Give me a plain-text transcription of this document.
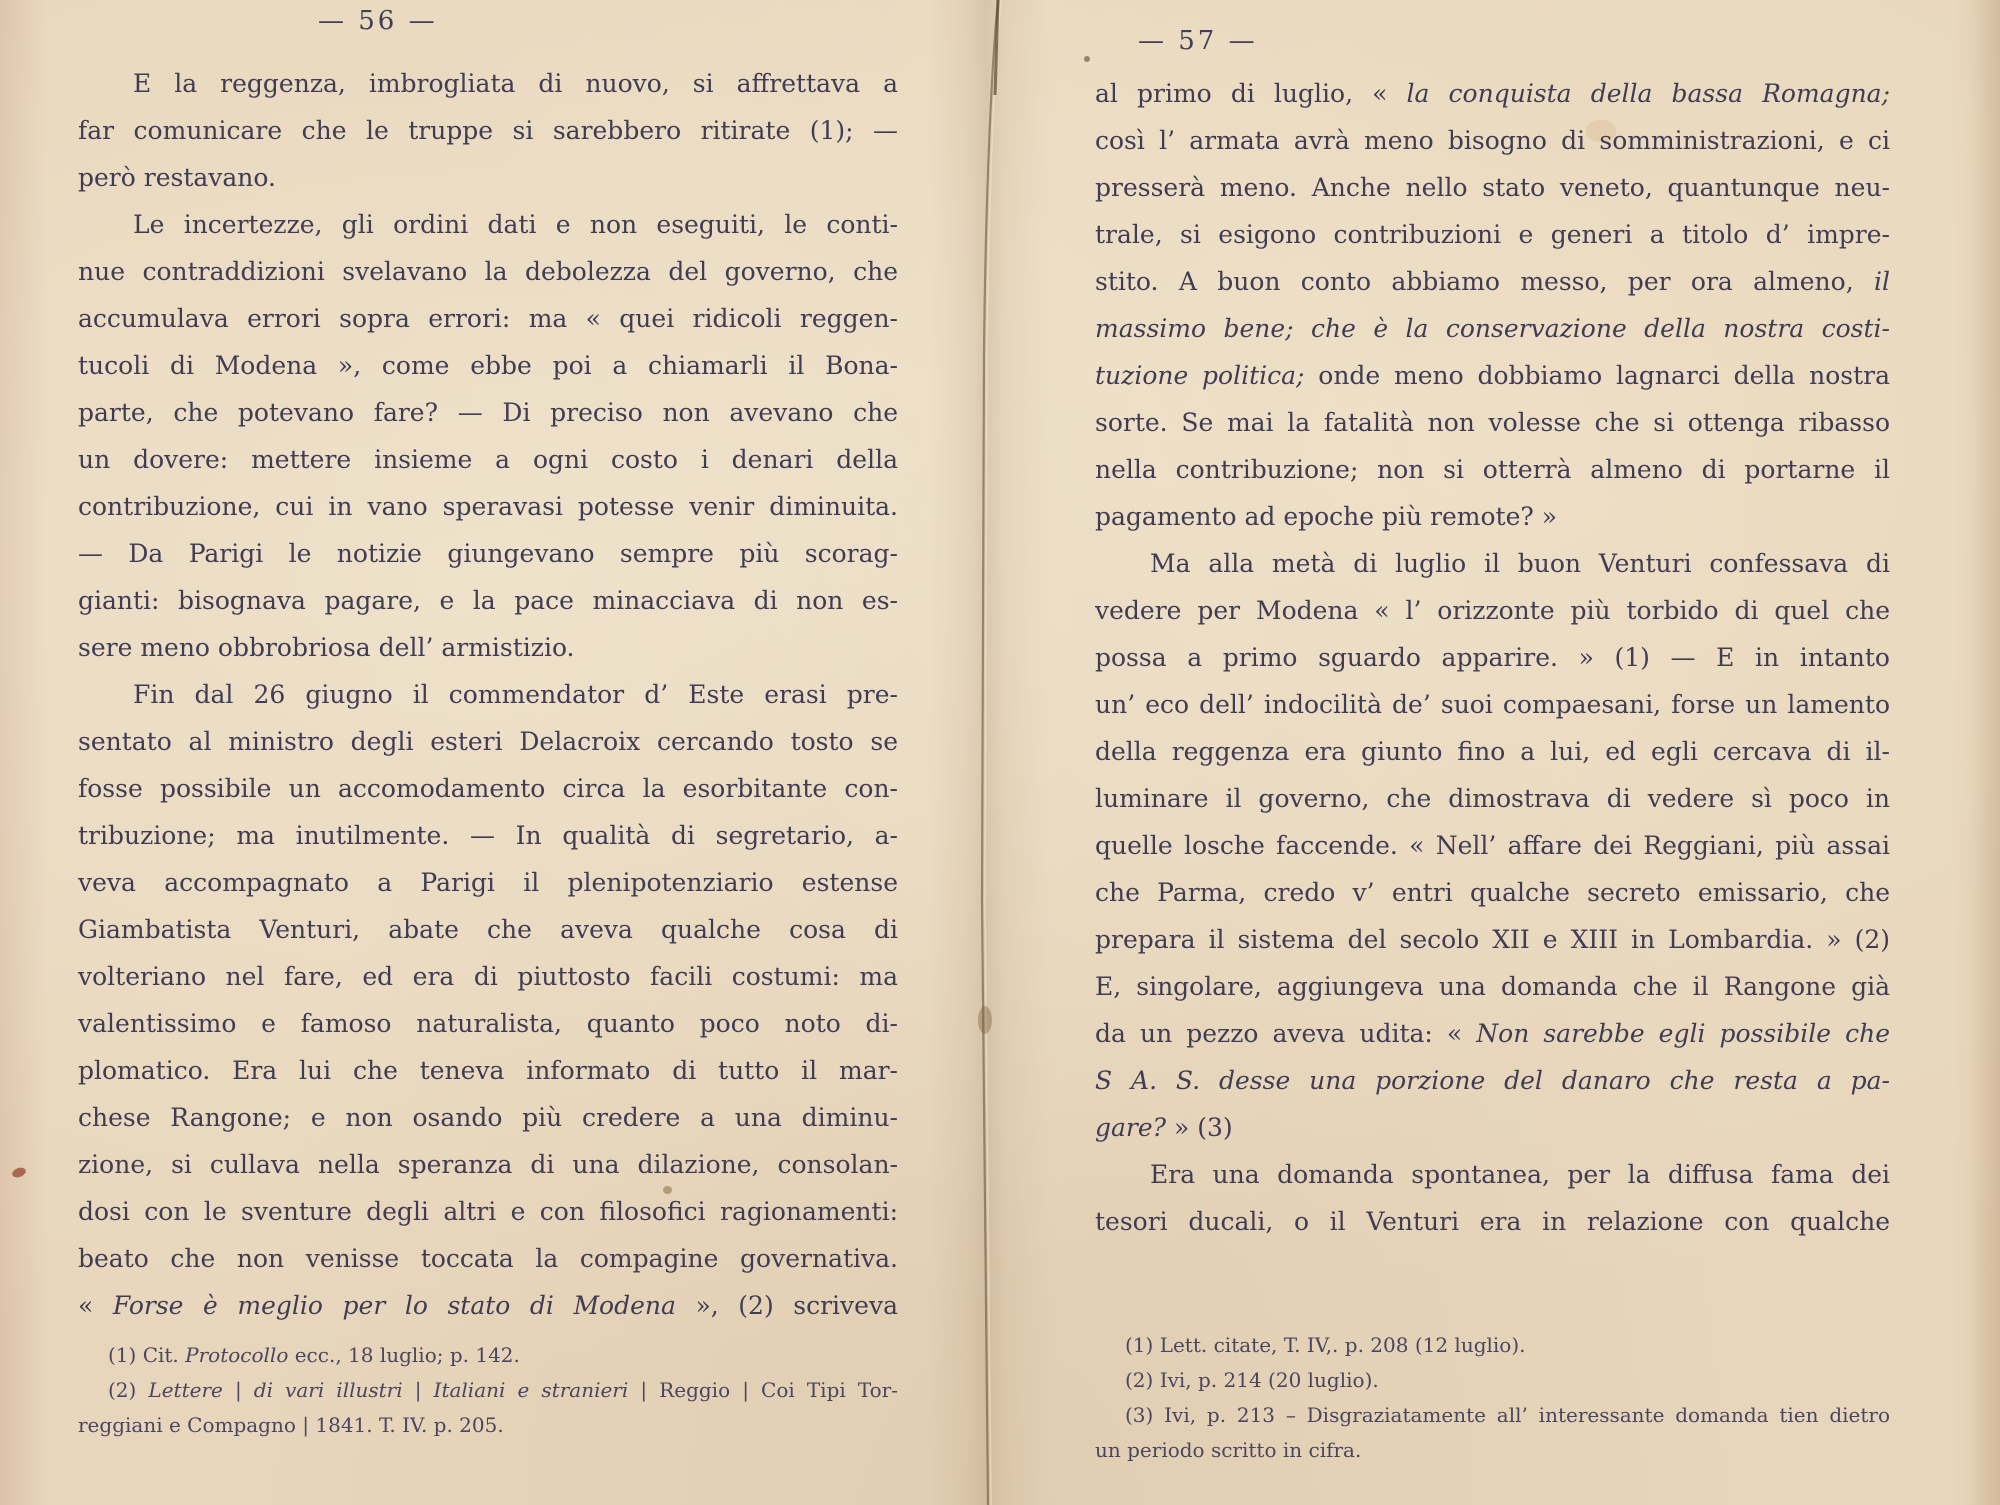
— 56 —
— 57 —
E la reggenza, imbrogliata di nuovo, si affrettava a
far comunicare che le truppe si sarebbero ritirate (1); —
però restavano.
Le incertezze, gli ordini dati e non eseguiti, le conti-
nue contraddizioni svelavano la debolezza del governo, che
accumulava errori sopra errori: ma « quei ridicoli reggen-
tucoli di Modena », come ebbe poi a chiamarli il Bona-
parte, che potevano fare? — Di preciso non avevano che
un dovere: mettere insieme a ogni costo i denari della
contribuzione, cui in vano speravasi potesse venir diminuita.
— Da Parigi le notizie giungevano sempre più scorag-
gianti: bisognava pagare, e la pace minacciava di non es-
sere meno obbrobriosa dell’ armistizio.
Fin dal 26 giugno il commendator d’ Este erasi pre-
sentato al ministro degli esteri Delacroix cercando tosto se
fosse possibile un accomodamento circa la esorbitante con-
tribuzione; ma inutilmente. — In qualità di segretario, a-
veva accompagnato a Parigi il plenipotenziario estense
Giambatista Venturi, abate che aveva qualche cosa di
volteriano nel fare, ed era di piuttosto facili costumi: ma
valentissimo e famoso naturalista, quanto poco noto di-
plomatico. Era lui che teneva informato di tutto il mar-
chese Rangone; e non osando più credere a una diminu-
zione, si cullava nella speranza di una dilazione, consolan-
dosi con le sventure degli altri e con filosofici ragionamenti:
beato che non venisse toccata la compagine governativa.
« Forse è meglio per lo stato di Modena », (2) scriveva
(1) Cit. Protocollo ecc., 18 luglio; p. 142.
(2) Lettere | di vari illustri | Italiani e stranieri | Reggio | Coi Tipi Tor-
reggiani e Compagno | 1841. T. IV. p. 205.
al primo di luglio, « la conquista della bassa Romagna;
così l’ armata avrà meno bisogno di somministrazioni, e ci
presserà meno. Anche nello stato veneto, quantunque neu-
trale, si esigono contribuzioni e generi a titolo d’ impre-
stito. A buon conto abbiamo messo, per ora almeno, il
massimo bene; che è la conservazione della nostra costi-
tuzione politica; onde meno dobbiamo lagnarci della nostra
sorte. Se mai la fatalità non volesse che si ottenga ribasso
nella contribuzione; non si otterrà almeno di portarne il
pagamento ad epoche più remote? »
Ma alla metà di luglio il buon Venturi confessava di
vedere per Modena « l’ orizzonte più torbido di quel che
possa a primo sguardo apparire. » (1) — E in intanto
un’ eco dell’ indocilità de’ suoi compaesani, forse un lamento
della reggenza era giunto fino a lui, ed egli cercava di il-
luminare il governo, che dimostrava di vedere sì poco in
quelle losche faccende. « Nell’ affare dei Reggiani, più assai
che Parma, credo v’ entri qualche secreto emissario, che
prepara il sistema del secolo XII e XIII in Lombardia. » (2)
E, singolare, aggiungeva una domanda che il Rangone già
da un pezzo aveva udita: « Non sarebbe egli possibile che
S A. S. desse una porzione del danaro che resta a pa-
gare? » (3)
Era una domanda spontanea, per la diffusa fama dei
tesori ducali, o il Venturi era in relazione con qualche
(1) Lett. citate, T. IV,. p. 208 (12 luglio).
(2) Ivi, p. 214 (20 luglio).
(3) Ivi, p. 213 – Disgraziatamente all’ interessante domanda tien dietro
un periodo scritto in cifra.
